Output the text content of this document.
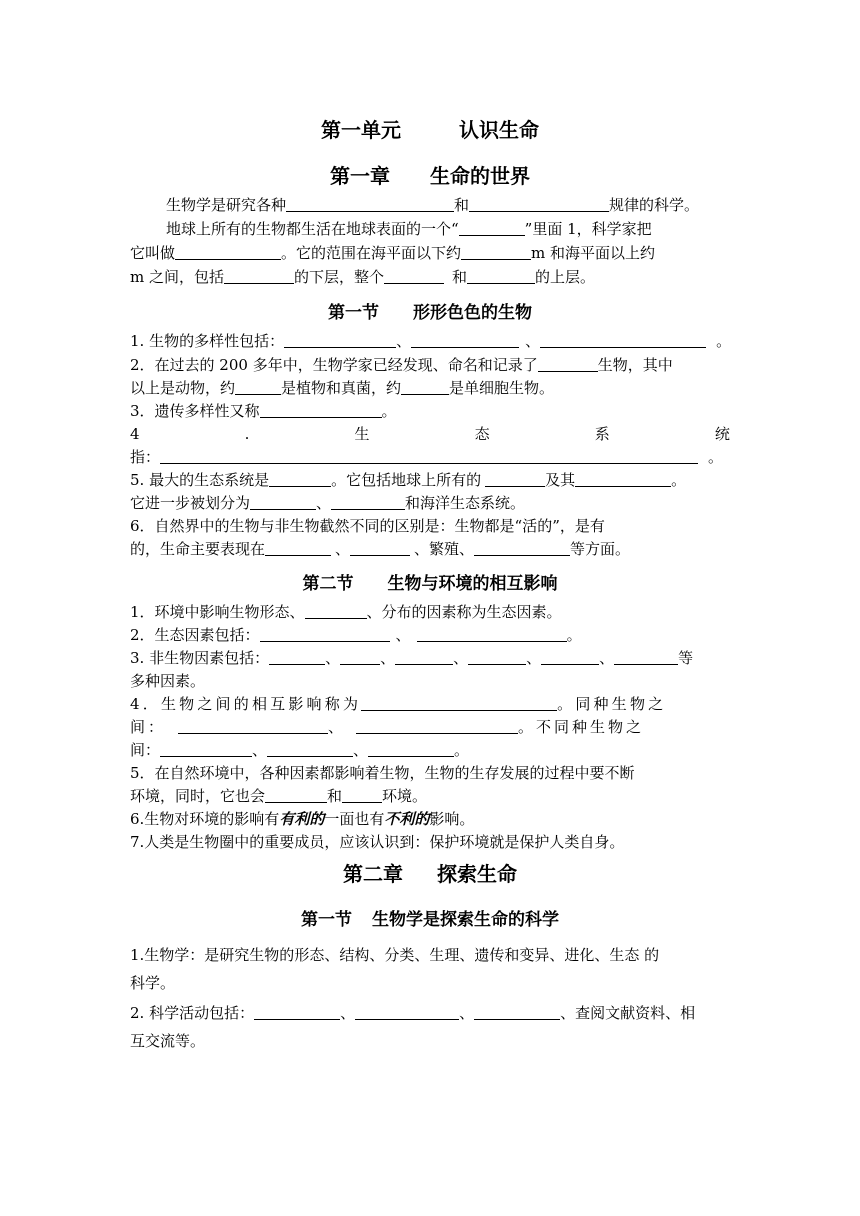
第一单元	认识生命
第一章 生命的世界
生物学是研究各种	和	规律的科学。
地球上所有的生物都生活在地球表面的一个“	”里面 1，科学家把
它叫做	。它的范围在海平面以下约	m 和海平面以上约
m 之间，包括	的下层，整个	和	的上层。
第一节 形形色色的生物
1. 生物的多样性包括：	、	、	。
2．在过去的 200 多年中，生物学家已经发现、命名和记录了	生物，其中
以上是动物，约	是植物和真菌，约	是单细胞生物。
3．遗传多样性又称	。
4	.	生	态	系	统
指：	。
5. 最大的生态系统是	。它包括地球上所有的	及其	。
它进一步被划分为	、	和海洋生态系统。
6．自然界中的生物与非生物截然不同的区别是：生物都是“活的”，是有
的，生命主要表现在	、	、繁殖、	等方面。
第二节 生物与环境的相互影响
1．环境中影响生物形态、	、分布的因素称为生态因素。
2．生态因素包括：	、	。
3. 非生物因素包括：	、	、	、	、	、	等
多种因素。
4．生物之间的相互影响称为	。同种生物之
间：	、	。不同种生物之
间：	、	、	。
5．在自然环境中，各种因素都影响着生物，生物的生存发展的过程中要不断
环境，同时，它也会	和	环境。
6.生物对环境的影响有有利的一面也有不利的影响。
7.人类是生物圈中的重要成员，应该认识到：保护环境就是保护人类自身。
第二章 探索生命
第一节 生物学是探索生命的科学
1.生物学：是研究生物的形态、结构、分类、生理、遗传和变异、进化、生态 的
科学。
2. 科学活动包括：	、	、	、查阅文献资料、相
互交流等。
